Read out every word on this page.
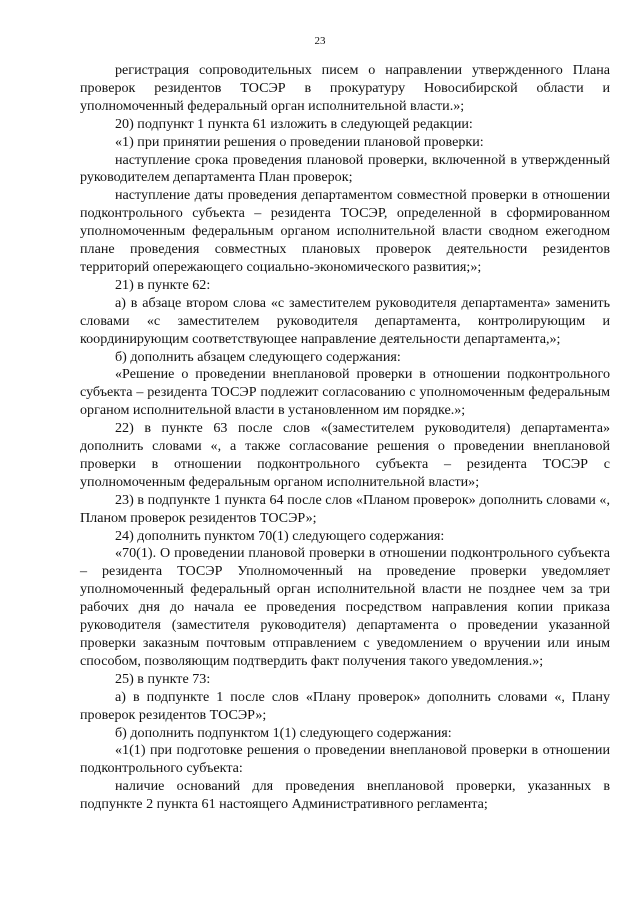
23

регистрация сопроводительных писем о направлении утвержденного Плана проверок резидентов ТОСЭР в прокуратуру Новосибирской области и уполномоченный федеральный орган исполнительной власти.»;

20) подпункт 1 пункта 61 изложить в следующей редакции:

«1) при принятии решения о проведении плановой проверки:

наступление срока проведения плановой проверки, включенной в утвержденный руководителем департамента План проверок;

наступление даты проведения департаментом совместной проверки в отношении подконтрольного субъекта – резидента ТОСЭР, определенной в сформированном уполномоченным федеральным органом исполнительной власти сводном ежегодном плане проведения совместных плановых проверок деятельности резидентов территорий опережающего социально-экономического развития;»;

21) в пункте 62:

а) в абзаце втором слова «с заместителем руководителя департамента» заменить словами «с заместителем руководителя департамента, контролирующим и координирующим соответствующее направление деятельности департамента,»;

б) дополнить абзацем следующего содержания:

«Решение о проведении внеплановой проверки в отношении подконтрольного субъекта – резидента ТОСЭР подлежит согласованию с уполномоченным федеральным органом исполнительной власти в установленном им порядке.»;

22) в пункте 63 после слов «(заместителем руководителя) департамента» дополнить словами «, а также согласование решения о проведении внеплановой проверки в отношении подконтрольного субъекта – резидента ТОСЭР с уполномоченным федеральным органом исполнительной власти»;

23) в подпункте 1 пункта 64 после слов «Планом проверок» дополнить словами «, Планом проверок резидентов ТОСЭР»;

24) дополнить пунктом 70(1) следующего содержания:

«70(1). О проведении плановой проверки в отношении подконтрольного субъекта – резидента ТОСЭР Уполномоченный на проведение проверки уведомляет уполномоченный федеральный орган исполнительной власти не позднее чем за три рабочих дня до начала ее проведения посредством направления копии приказа руководителя (заместителя руководителя) департамента о проведении указанной проверки заказным почтовым отправлением с уведомлением о вручении или иным способом, позволяющим подтвердить факт получения такого уведомления.»;

25) в пункте 73:

а) в подпункте 1 после слов «Плану проверок» дополнить словами «, Плану проверок резидентов ТОСЭР»;

б) дополнить подпунктом 1(1) следующего содержания:

«1(1) при подготовке решения о проведении внеплановой проверки в отношении подконтрольного субъекта:

наличие оснований для проведения внеплановой проверки, указанных в подпункте 2 пункта 61 настоящего Административного регламента;
